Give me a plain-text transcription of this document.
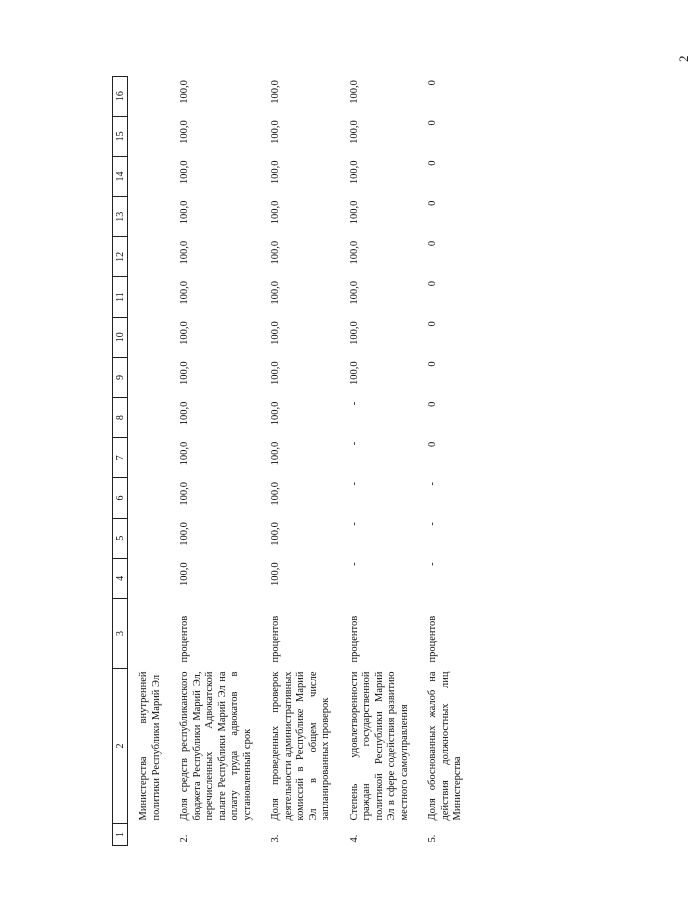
2
1	2	3	4	5	6	7	8	9	10	11	12	13	14	15	16
	Министерства внутренней политики Республики Марий Эл														
2.	Доля средств республиканского бюджета Республики Марий Эл, перечисленных Адвокатской палате Республики Марий Эл на оплату труда адвокатов в установленный срок	процентов	100,0	100,0	100,0	100,0	100,0	100,0	100,0	100,0	100,0	100,0	100,0	100,0	100,0
3.	Доля проведенных проверок деятельности административных комиссий в Республике Марий Эл в общем числе запланированных проверок	процентов	100,0	100,0	100,0	100,0	100,0	100,0	100,0	100,0	100,0	100,0	100,0	100,0	100,0
4.	Степень удовлетворенности граждан государственной политикой Республики Марий Эл в сфере содействия развитию местного самоуправления	процентов	-	-	-	-	-	100,0	100,0	100,0	100,0	100,0	100,0	100,0	100,0
5.	Доля обоснованных жалоб на действия должностных лиц Министерства	процентов	-	-	-	0	0	0	0	0	0	0	0	0	0
